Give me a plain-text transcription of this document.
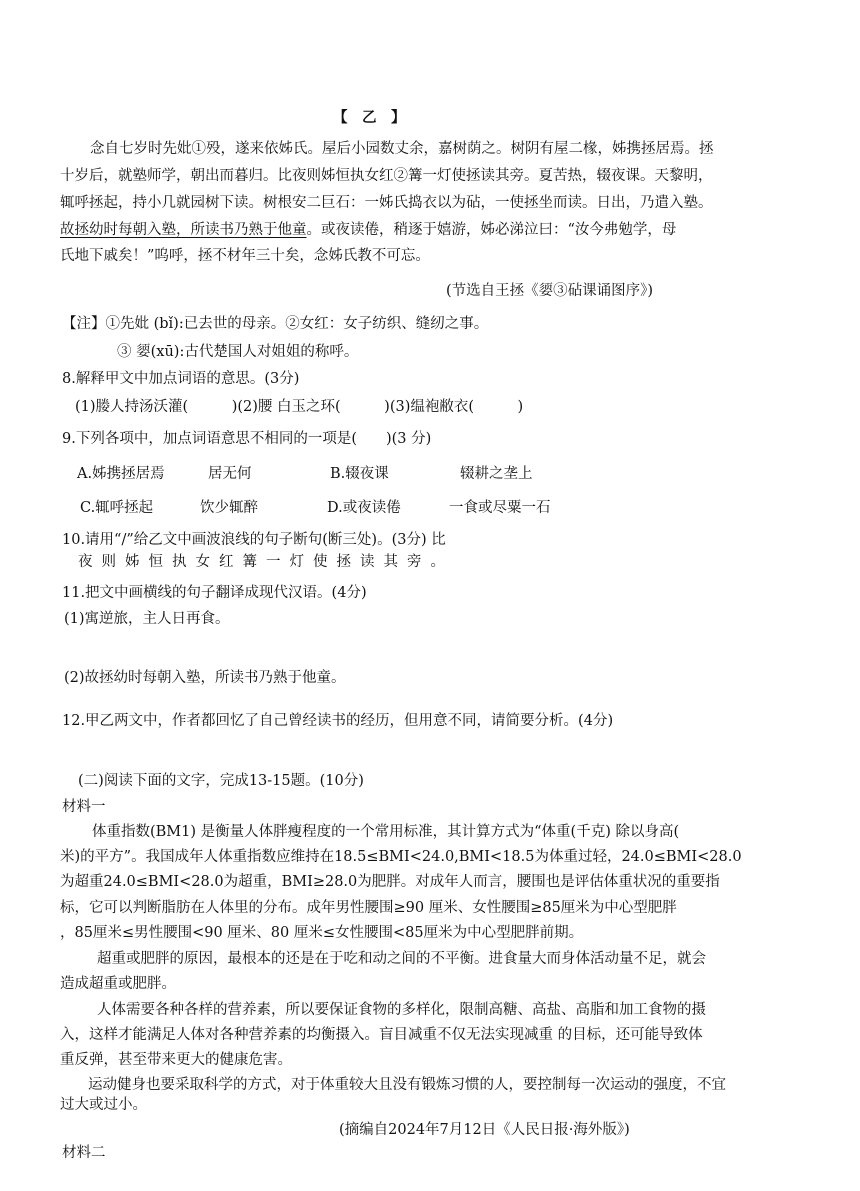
【　乙　】
念自七岁时先妣①殁，遂来依姊氏。屋后小园数丈余，嘉树荫之。树阴有屋二椽，姊携拯居焉。拯
十岁后，就塾师学，朝出而暮归。比夜则姊恒执女红②篝一灯使拯读其旁。夏苦热，辍夜课。天黎明，
辄呼拯起，持小几就园树下读。树根安二巨石：一姊氏捣衣以为砧，一使拯坐而读。日出，乃遣入塾。
故拯幼时每朝入塾，所读书乃熟于他童。或夜读倦，稍逐于嬉游，姊必涕泣曰：“汝今弗勉学，母
氏地下戚矣！”呜呼，拯不材年三十矣，念姊氏教不可忘。
(节选自王拯《媭③砧课诵图序》)
【注】①先妣 (bǐ):已去世的母亲。②女红：女子纺织、缝纫之事。
③ 媭(xū):古代楚国人对姐姐的称呼。
8.解释甲文中加点词语的意思。(3分)
(1)媵人持汤沃灌(　　　)(2)腰 白玉之环(　　　)(3)缊袍敝衣(　　　)
9.下列各项中，加点词语意思不相同的一项是(　　)(3 分)
A.姊携拯居焉	居无何	B.辍夜课	辍耕之垄上
C.辄呼拯起	饮少辄醉	D.或夜读倦	一食或尽粟一石
10.请用“/”给乙文中画波浪线的句子断句(断三处)。(3分) 比
夜则姊恒执女红篝一灯使拯读其旁。
11.把文中画横线的句子翻译成现代汉语。(4分)
(1)寓逆旅，主人日再食。
(2)故拯幼时每朝入塾，所读书乃熟于他童。
12.甲乙两文中，作者都回忆了自己曾经读书的经历，但用意不同，请简要分析。(4分)
(二)阅读下面的文字，完成13-15题。(10分)
材料一
体重指数(BM1) 是衡量人体胖瘦程度的一个常用标准，其计算方式为“体重(千克) 除以身高(
米)的平方”。我国成年人体重指数应维持在18.5≤BMI<24.0,BMI<18.5为体重过轻，24.0≤BMI<28.0
为超重24.0≤BMI<28.0为超重，BMI≥28.0为肥胖。对成年人而言，腰围也是评估体重状况的重要指
标，它可以判断脂肪在人体里的分布。成年男性腰围≥90 厘米、女性腰围≥85厘米为中心型肥胖
，85厘米≤男性腰围<90 厘米、80 厘米≤女性腰围<85厘米为中心型肥胖前期。
超重或肥胖的原因，最根本的还是在于吃和动之间的不平衡。进食量大而身体活动量不足，就会
造成超重或肥胖。
人体需要各种各样的营养素，所以要保证食物的多样化，限制高糖、高盐、高脂和加工食物的摄
入，这样才能满足人体对各种营养素的均衡摄入。盲目减重不仅无法实现减重 的目标，还可能导致体
重反弹，甚至带来更大的健康危害。
运动健身也要采取科学的方式，对于体重较大且没有锻炼习惯的人，要控制每一次运动的强度，不宜
过大或过小。
(摘编自2024年7月12日《人民日报·海外版》)
材料二
